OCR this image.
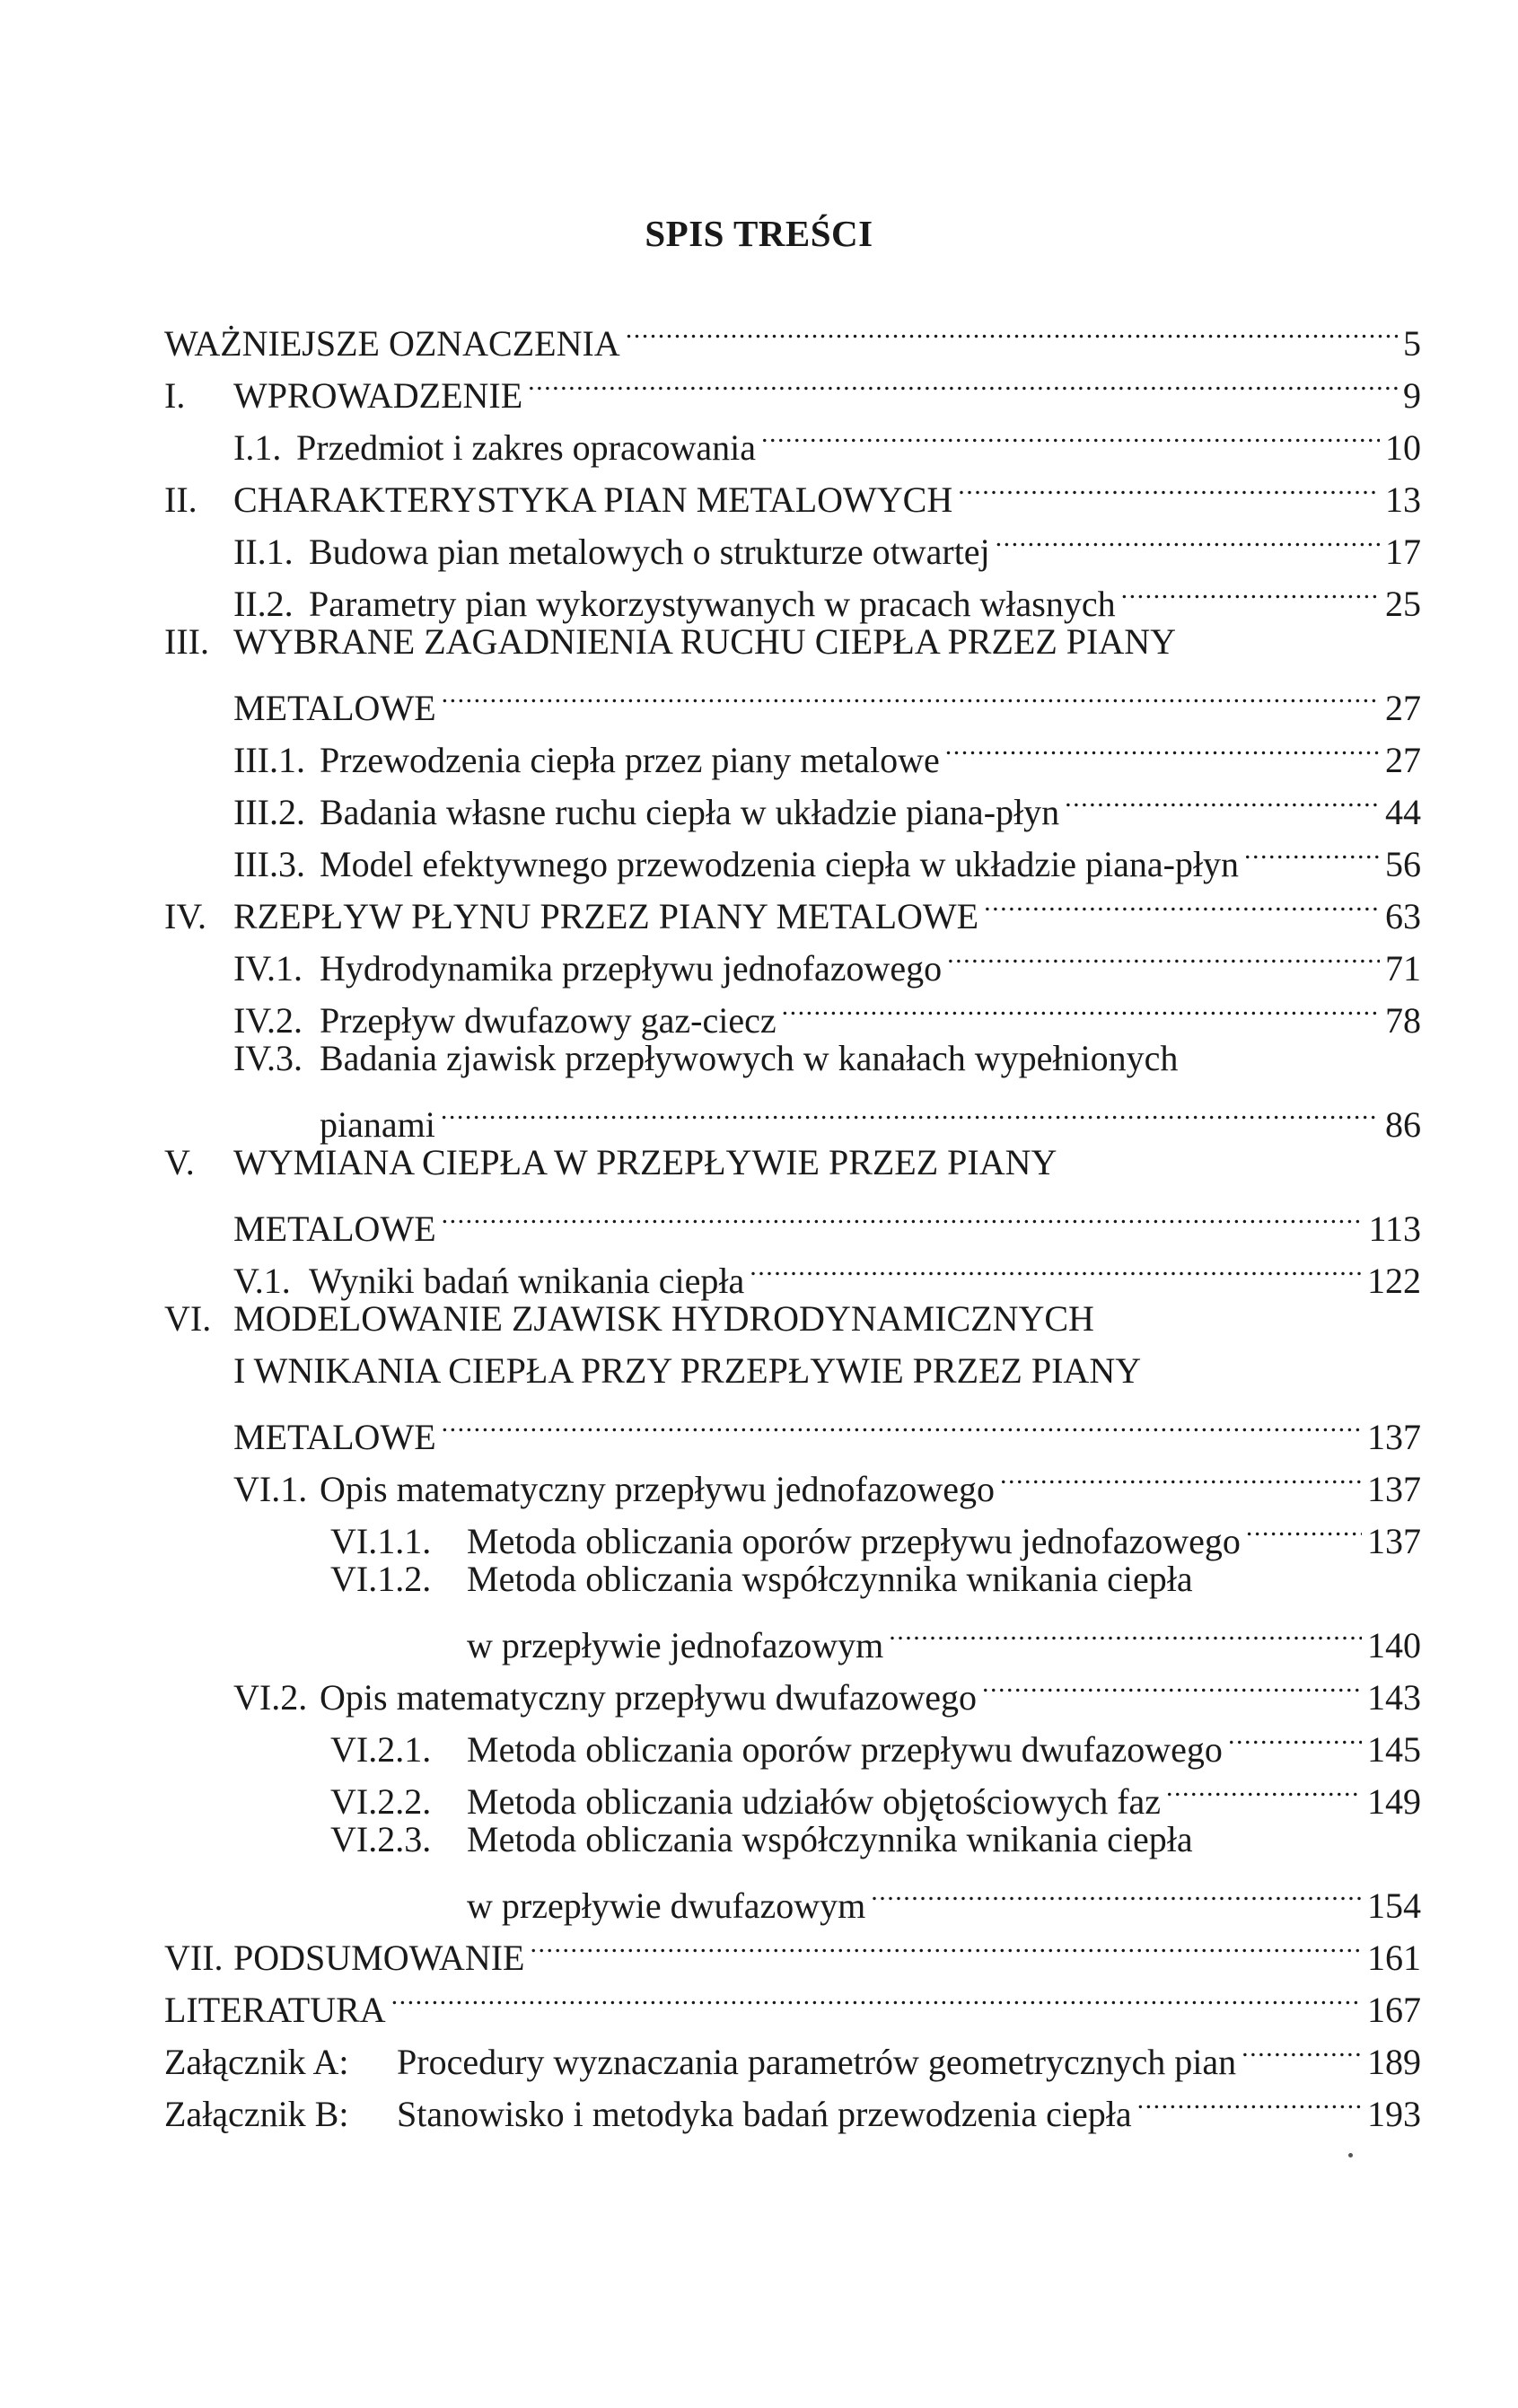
SPIS TREŚCI
WAŻNIEJSZE OZNACZENIA . . .	5
I.	WPROWADZENIE . . .	9
I.1. Przedmiot i zakres opracowania . . .	10
II.	CHARAKTERYSTYKA PIAN METALOWYCH . . .	13
II.1. Budowa pian metalowych o strukturze otwartej . . .	17
II.2. Parametry pian wykorzystywanych w pracach własnych . . .	25
III. WYBRANE ZAGADNIENIA RUCHU CIEPŁA PRZEZ PIANY
METALOWE . . .	27
III.1. Przewodzenia ciepła przez piany metalowe . . .	27
III.2. Badania własne ruchu ciepła w układzie piana-płyn . . .	44
III.3. Model efektywnego przewodzenia ciepła w układzie piana-płyn . . .	56
IV. RZEPŁYW PŁYNU PRZEZ PIANY METALOWE . . .	63
IV.1. Hydrodynamika przepływu jednofazowego . . .	71
IV.2. Przepływ dwufazowy gaz-ciecz . . .	78
IV.3. Badania zjawisk przepływowych w kanałach wypełnionych
pianami . . .	86
V.	WYMIANA CIEPŁA W PRZEPŁYWIE PRZEZ PIANY
METALOWE . . .	113
V.1. Wyniki badań wnikania ciepła . . .	122
VI. MODELOWANIE ZJAWISK HYDRODYNAMICZNYCH
I WNIKANIA CIEPŁA PRZY PRZEPŁYWIE PRZEZ PIANY
METALOWE . . .	137
VI.1. Opis matematyczny przepływu jednofazowego . . .	137
VI.1.1. Metoda obliczania oporów przepływu jednofazowego . . .	137
VI.1.2. Metoda obliczania współczynnika wnikania ciepła
w przepływie jednofazowym . . .	140
VI.2. Opis matematyczny przepływu dwufazowego . . .	143
VI.2.1. Metoda obliczania oporów przepływu dwufazowego . . .	145
VI.2.2. Metoda obliczania udziałów objętościowych faz . . .	149
VI.2.3. Metoda obliczania współczynnika wnikania ciepła
w przepływie dwufazowym . . .	154
VII. PODSUMOWANIE . . .	161
LITERATURA . . .	167
Załącznik A:	Procedury wyznaczania parametrów geometrycznych pian . . .	189
Załącznik B:	Stanowisko i metodyka badań przewodzenia ciepła . . .	193
